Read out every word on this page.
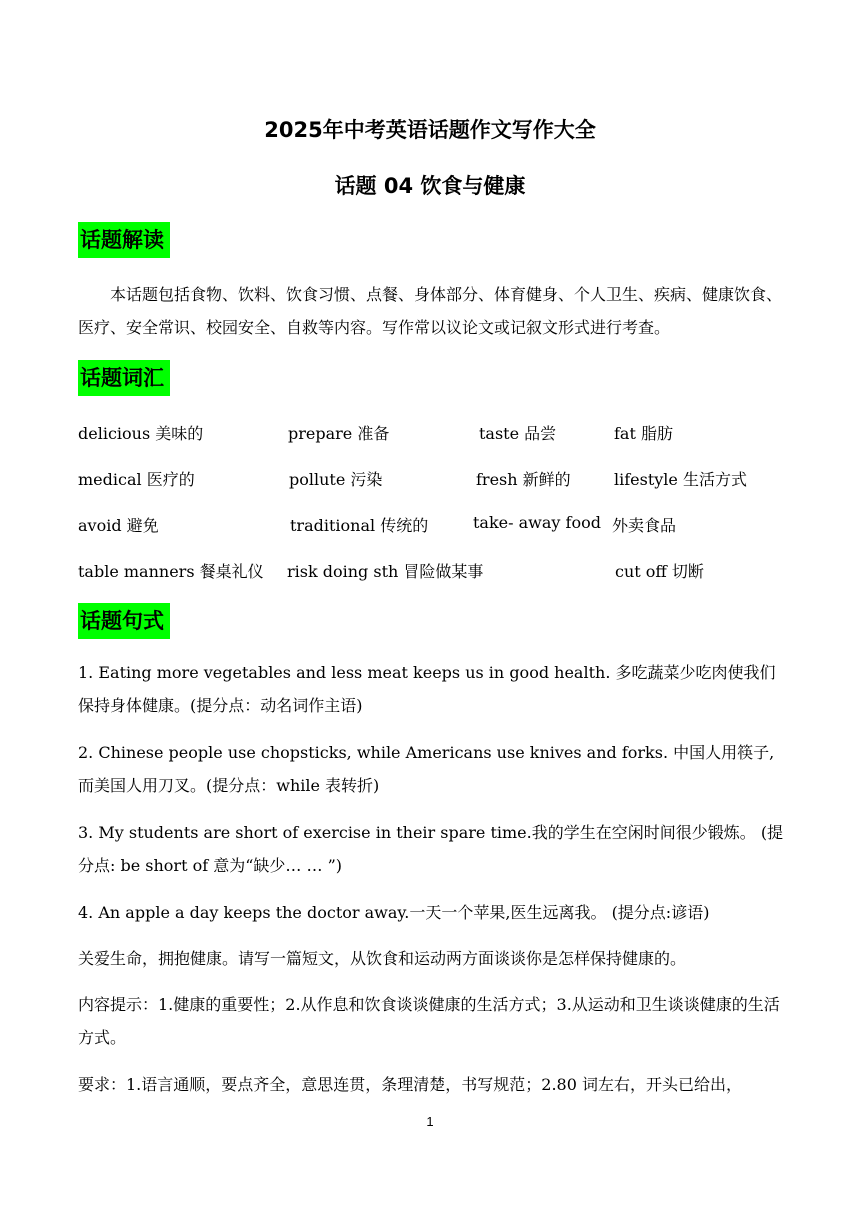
2025年中考英语话题作文写作大全
话题 04 饮食与健康
话题解读
本话题包括食物、饮料、饮食习惯、点餐、身体部分、体育健身、个人卫生、疾病、健康饮食、医疗、安全常识、校园安全、自救等内容。写作常以议论文或记叙文形式进行考查。
话题词汇
delicious 美味的	prepare 准备	taste 品尝	fat 脂肪
medical 医疗的	pollute 污染	fresh 新鲜的	lifestyle 生活方式
avoid 避免	traditional 传统的	take- away food 外卖食品
table manners 餐桌礼仪 risk doing sth 冒险做某事	cut off 切断
话题句式
1. Eating more vegetables and less meat keeps us in good health. 多吃蔬菜少吃肉使我们保持身体健康。(提分点：动名词作主语)
2. Chinese people use chopsticks, while Americans use knives and forks. 中国人用筷子,而美国人用刀叉。(提分点：while 表转折)
3. My students are short of exercise in their spare time.我的学生在空闲时间很少锻炼。 (提分点: be short of 意为“缺少… … ”)
4. An apple a day keeps the doctor away.一天一个苹果,医生远离我。 (提分点:谚语)
关爱生命，拥抱健康。请写一篇短文，从饮食和运动两方面谈谈你是怎样保持健康的。
内容提示：1.健康的重要性；2.从作息和饮食谈谈健康的生活方式；3.从运动和卫生谈谈健康的生活方式。
要求：1.语言通顺，要点齐全，意思连贯，条理清楚，书写规范；2.80 词左右，开头已给出，
1
